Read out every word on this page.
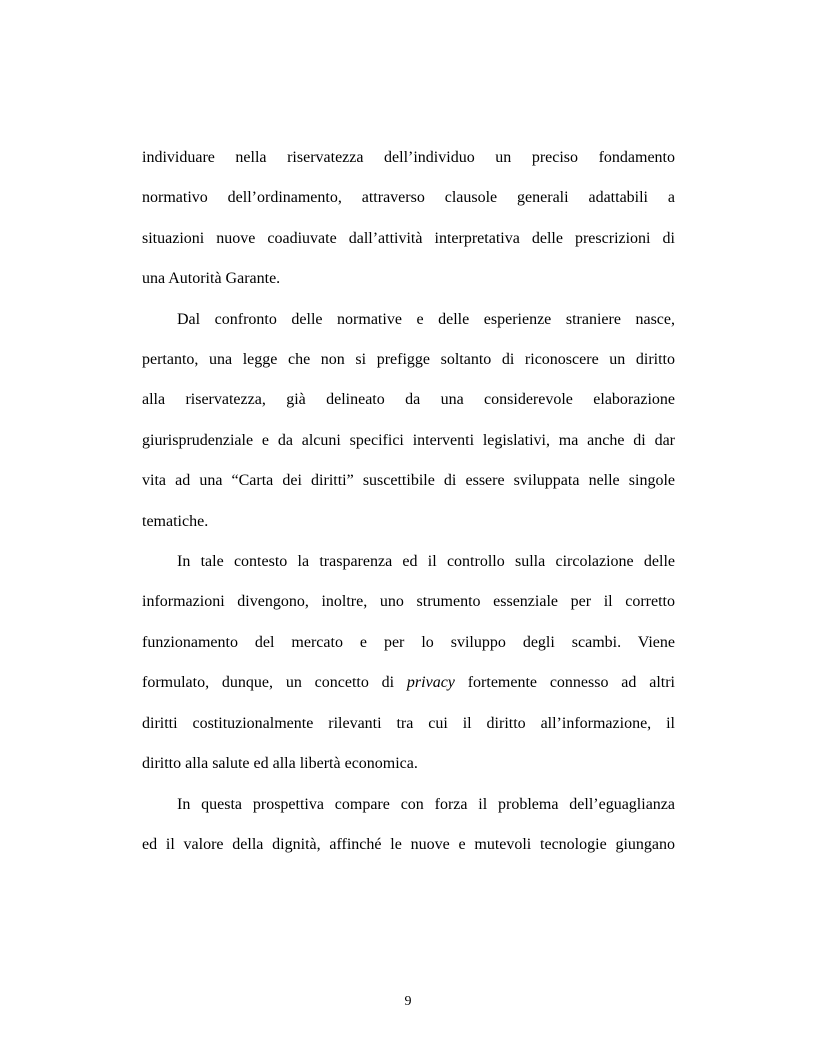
individuare nella riservatezza dell’individuo un preciso fondamento
normativo dell’ordinamento, attraverso clausole generali adattabili a
situazioni nuove coadiuvate dall’attività interpretativa delle prescrizioni di
una Autorità Garante.
Dal confronto delle normative e delle esperienze straniere nasce,
pertanto, una legge che non si prefigge soltanto di riconoscere un diritto
alla riservatezza, già delineato da una considerevole elaborazione
giurisprudenziale e da alcuni specifici interventi legislativi, ma anche di dar
vita ad una “Carta dei diritti” suscettibile di essere sviluppata nelle singole
tematiche.
In tale contesto la trasparenza ed il controllo sulla circolazione delle
informazioni divengono, inoltre, uno strumento essenziale per il corretto
funzionamento del mercato e per lo sviluppo degli scambi. Viene
formulato, dunque, un concetto di privacy fortemente connesso ad altri
diritti costituzionalmente rilevanti tra cui il diritto all’informazione, il
diritto alla salute ed alla libertà economica.
In questa prospettiva compare con forza il problema dell’eguaglianza
ed il valore della dignità, affinché le nuove e mutevoli tecnologie giungano
9
